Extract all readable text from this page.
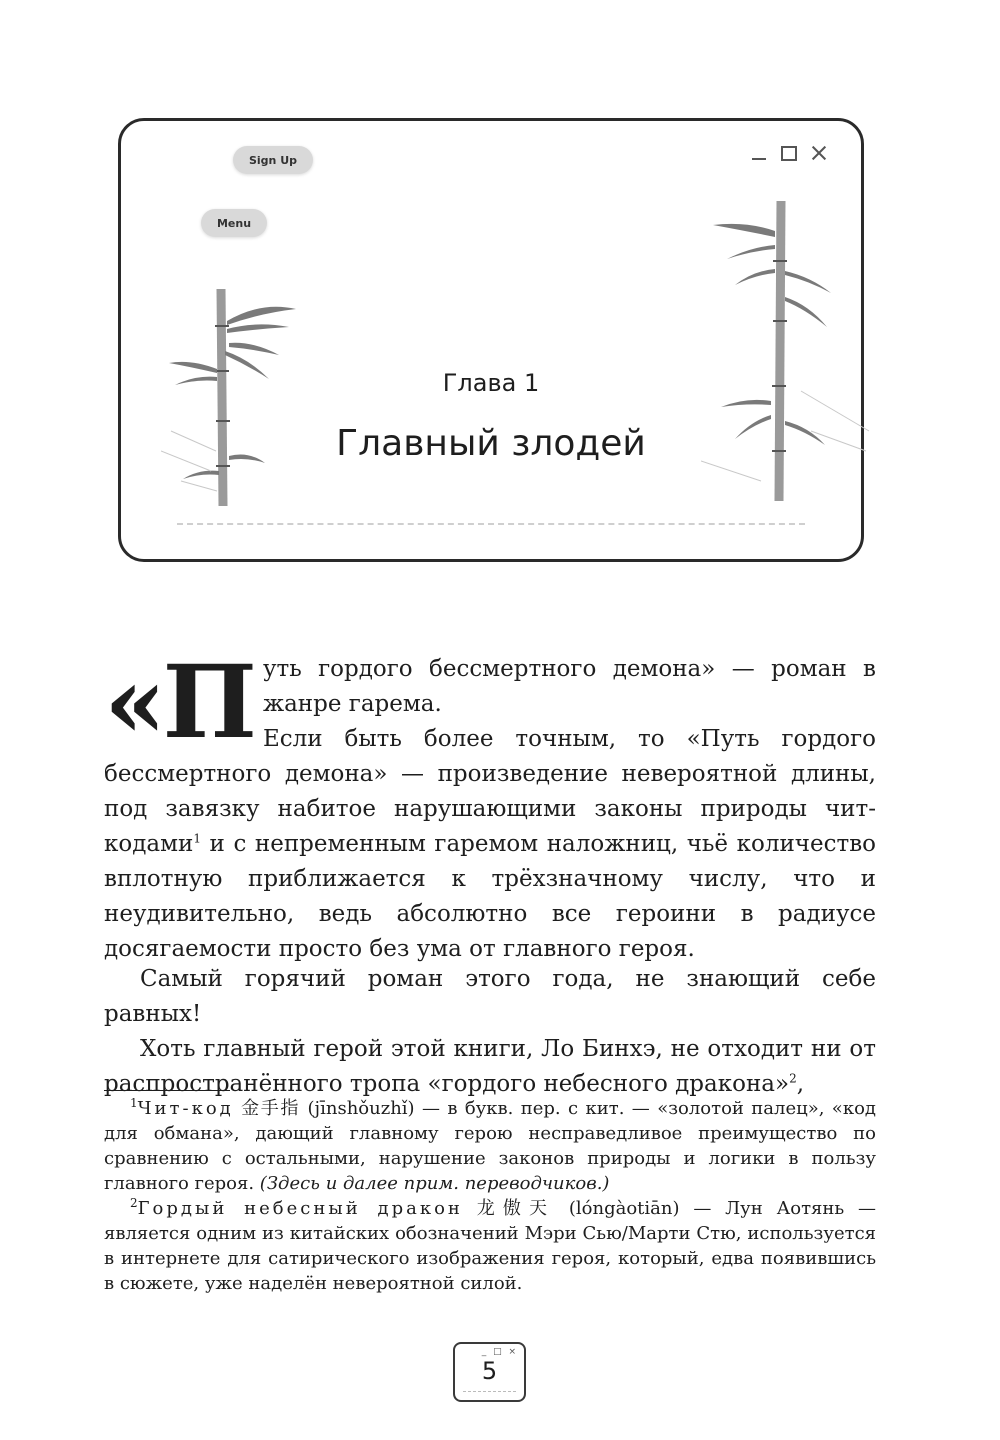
Sign Up
Menu
Глава 1
Главный злодей
«П уть гордого бессмертного демона» — роман в жанре гарема.

Если быть более точным, то «Путь гордого бессмертного демона» — произведение невероятной длины, под завязку набитое нарушающими законы природы чит-кодами$^1$ и с непременным гаремом наложниц, чьё количество вплотную приближается к трёхзначному числу, что и неудивительно, ведь абсолютно все героини в радиусе досягаемости просто без ума от главного героя.

Самый горячий роман этого года, не знающий себе равных!

Хоть главный герой этой книги, Ло Бинхэ, не отходит ни от распространённого тропа «гордого небесного дракона»$^2$,

$^1$Чит-код 金手指 (jīnshǒuzhǐ) — в букв. пер. с кит. — «золотой палец», «код для обмана», дающий главному герою несправедливое преимущество по сравнению с остальными, нарушение законов природы и логики в пользу главного героя. (Здесь и далее прим. переводчиков.)

$^2$Гордый небесный дракон 龙傲天 (lóngàotiān) — Лун Аотянь — является одним из китайских обозначений Мэри Сью/Марти Стю, используется в интернете для сатирического изображения героя, который, едва появившись в сюжете, уже наделён невероятной силой.

_ □ ×
5
